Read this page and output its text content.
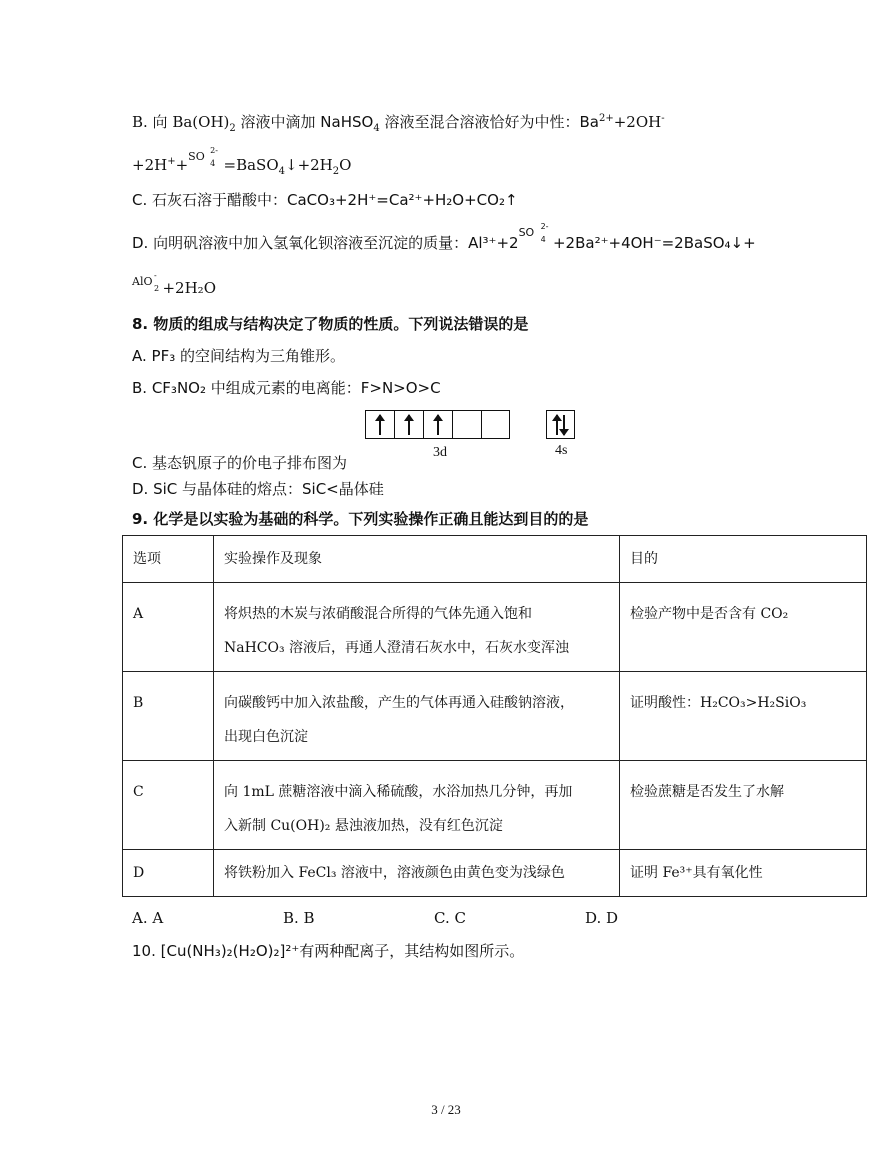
B. 向 $Ba(OH)_2$ 溶液中滴加 NaHSO$_4$ 溶液至混合溶液恰好为中性：$Ba^{2+}+2OH^-$
+2H++SO 2-
$4 =BaSO_4↓+2H_2O$
C. 石灰石溶于醋酸中：CaCO₃+2H⁺=Ca²⁺+H₂O+CO₂↑
D. 向明矾溶液中加入氢氧化钡溶液至沉淀的质量：Al³⁺+2SO 2-
4 +2Ba²⁺+4OH⁻=2BaSO₄↓+
AlO
2
-
+2H₂O
8. 物质的组成与结构决定了物质的性质。下列说法错误的是
A. PF₃ 的空间结构为三角锥形。
B. CF₃NO₂ 中组成元素的电离能：F>N>O>C
3d	4s
C. 基态钒原子的价电子排布图为
D. SiC 与晶体硅的熔点：SiC<晶体硅
9. 化学是以实验为基础的科学。下列实验操作正确且能达到目的的是
选项	实验操作及现象	目的
A	将炽热的木炭与浓硝酸混合所得的气体先通入饱和
NaHCO₃ 溶液后，再通人澄清石灰水中，石灰水变浑浊	检验产物中是否含有 CO₂
B	向碳酸钙中加入浓盐酸，产生的气体再通入硅酸钠溶液，
出现白色沉淀	证明酸性：H₂CO₃>H₂SiO₃
C	向 1mL 蔗糖溶液中滴入稀硫酸，水浴加热几分钟，再加
入新制 Cu(OH)₂ 悬浊液加热，没有红色沉淀	检验蔗糖是否发生了水解
D	将铁粉加入 FeCl₃ 溶液中，溶液颜色由黄色变为浅绿色	证明 Fe³⁺具有氧化性
A. A	B. B	C. C	D. D
10. [Cu(NH₃)₂(H₂O)₂]²⁺有两种配离子，其结构如图所示。
3 / 23
